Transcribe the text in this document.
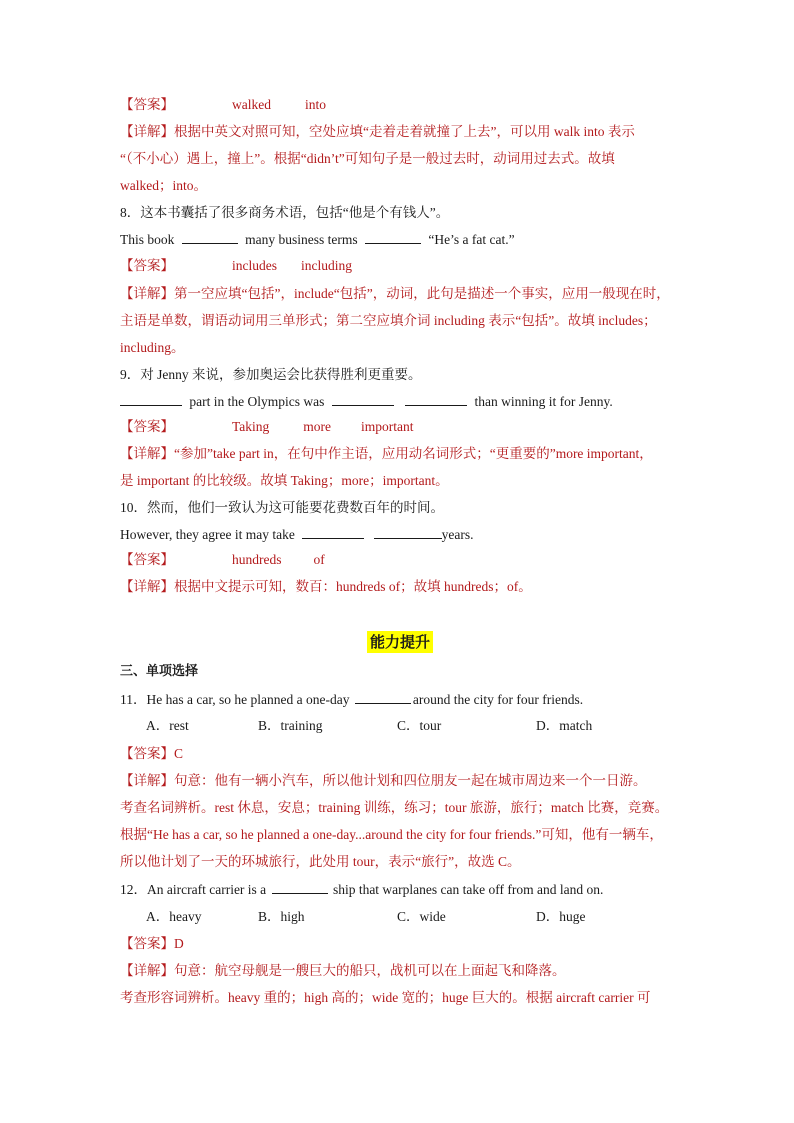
【答案】	walked	into
【详解】根据中英文对照可知，空处应填“走着走着就撞了上去”，可以用 walk into 表示
“（不小心）遇上，撞上”。根据“didn’t”可知句子是一般过去时，动词用过去式。故填
walked；into。
8．这本书囊括了很多商务术语，包括“他是个有钱人”。
This book	many business terms	“He’s a fat cat.”
【答案】	includes including
【详解】第一空应填“包括”，include“包括”，动词，此句是描述一个事实，应用一般现在时，
主语是单数，谓语动词用三单形式；第二空应填介词 including 表示“包括”。故填 includes；
including。
9．对 Jenny 来说，参加奥运会比获得胜利更重要。
part in the Olympics was	than winning it for Jenny.
【答案】	Taking	more important
【详解】“参加”take part in，在句中作主语，应用动名词形式；“更重要的”more important，
是 important 的比较级。故填 Taking；more；important。
10．然而，他们一致认为这可能要花费数百年的时间。
However, they agree it may take	years.
【答案】	hundreds of
【详解】根据中文提示可知，数百：hundreds of；故填 hundreds；of。
能力提升
三、单项选择
11．He has a car, so he planned a one-day	around the city for four friends.
A．rest	B．training	C．tour	D．match
【答案】C
【详解】句意：他有一辆小汽车，所以他计划和四位朋友一起在城市周边来一个一日游。
考查名词辨析。rest 休息，安息；training 训练，练习；tour 旅游，旅行；match 比赛，竞赛。
根据“He has a car, so he planned a one-day...around the city for four friends.”可知，他有一辆车，
所以他计划了一天的环城旅行，此处用 tour，表示“旅行”，故选 C。
12．An aircraft carrier is a	ship that warplanes can take off from and land on.
A．heavy	B．high	C．wide	D．huge
【答案】D
【详解】句意：航空母舰是一艘巨大的船只，战机可以在上面起飞和降落。
考查形容词辨析。heavy 重的；high 高的；wide 宽的；huge 巨大的。根据 aircraft carrier 可
